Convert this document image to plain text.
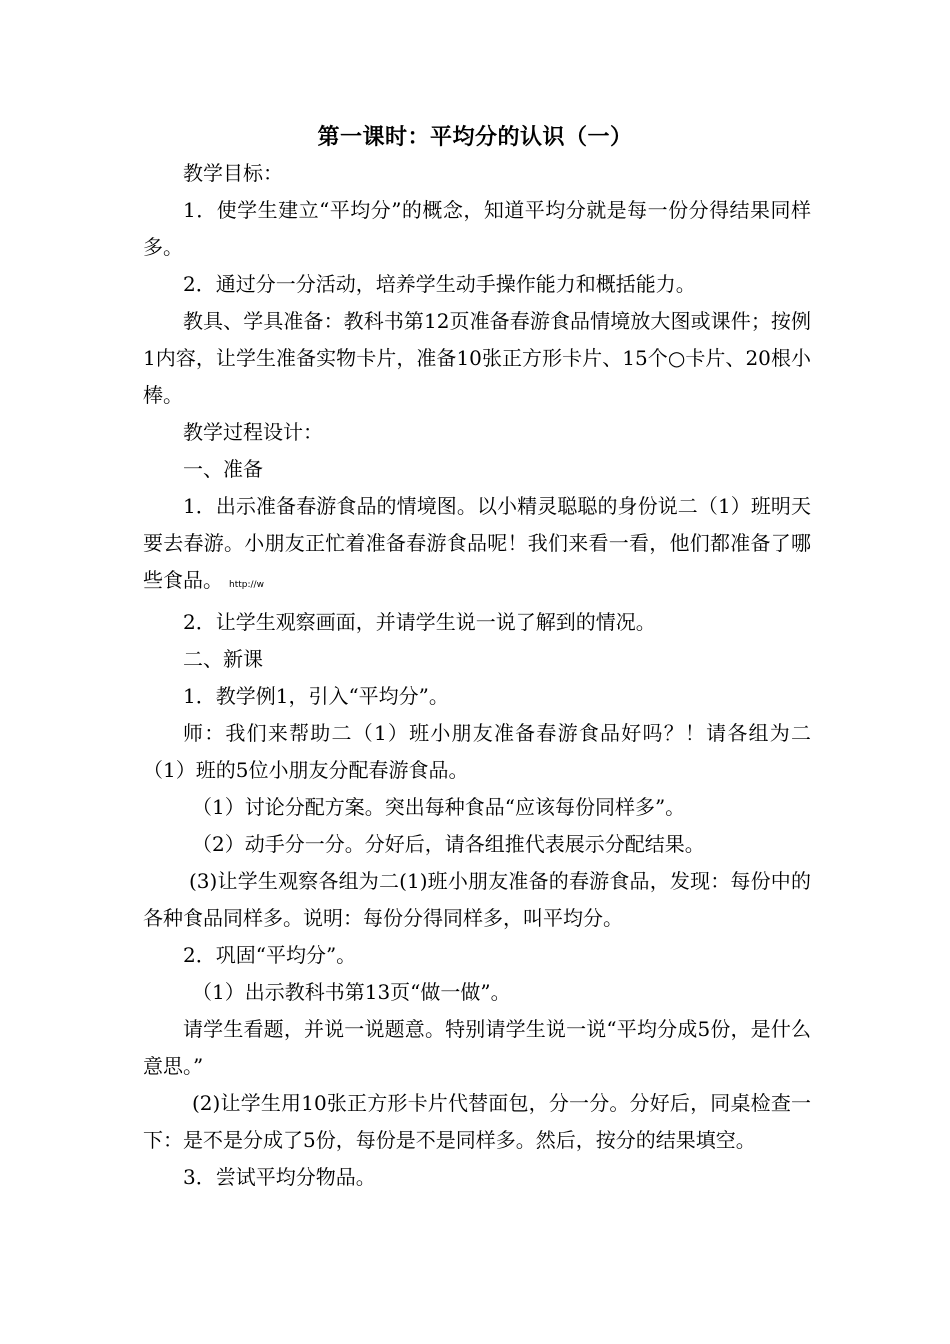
第一课时：平均分的认识（一）

教学目标：

1．使学生建立“平均分”的概念，知道平均分就是每一份分得结果同样多。

2．通过分一分活动，培养学生动手操作能力和概括能力。

教具、学具准备：教科书第12页准备春游食品情境放大图或课件；按例1内容，让学生准备实物卡片，准备10张正方形卡片、15个○卡片、20根小棒。

教学过程设计：

一、准备

1．出示准备春游食品的情境图。以小精灵聪聪的身份说二（1）班明天要去春游。小朋友正忙着准备春游食品呢！我们来看一看，他们都准备了哪些食品。 http://w

2．让学生观察画面，并请学生说一说了解到的情况。

二、新课

1．教学例1，引入“平均分”。

师：我们来帮助二（1）班小朋友准备春游食品好吗？！请各组为二（1）班的5位小朋友分配春游食品。

（1）讨论分配方案。突出每种食品“应该每份同样多”。

（2）动手分一分。分好后，请各组推代表展示分配结果。

(3)让学生观察各组为二(1)班小朋友准备的春游食品，发现：每份中的各种食品同样多。说明：每份分得同样多，叫平均分。

2．巩固“平均分”。

（1）出示教科书第13页“做一做”。

请学生看题，并说一说题意。特别请学生说一说“平均分成5份，是什么意思。”

(2)让学生用10张正方形卡片代替面包，分一分。分好后，同桌检查一下：是不是分成了5份，每份是不是同样多。然后，按分的结果填空。

3．尝试平均分物品。
